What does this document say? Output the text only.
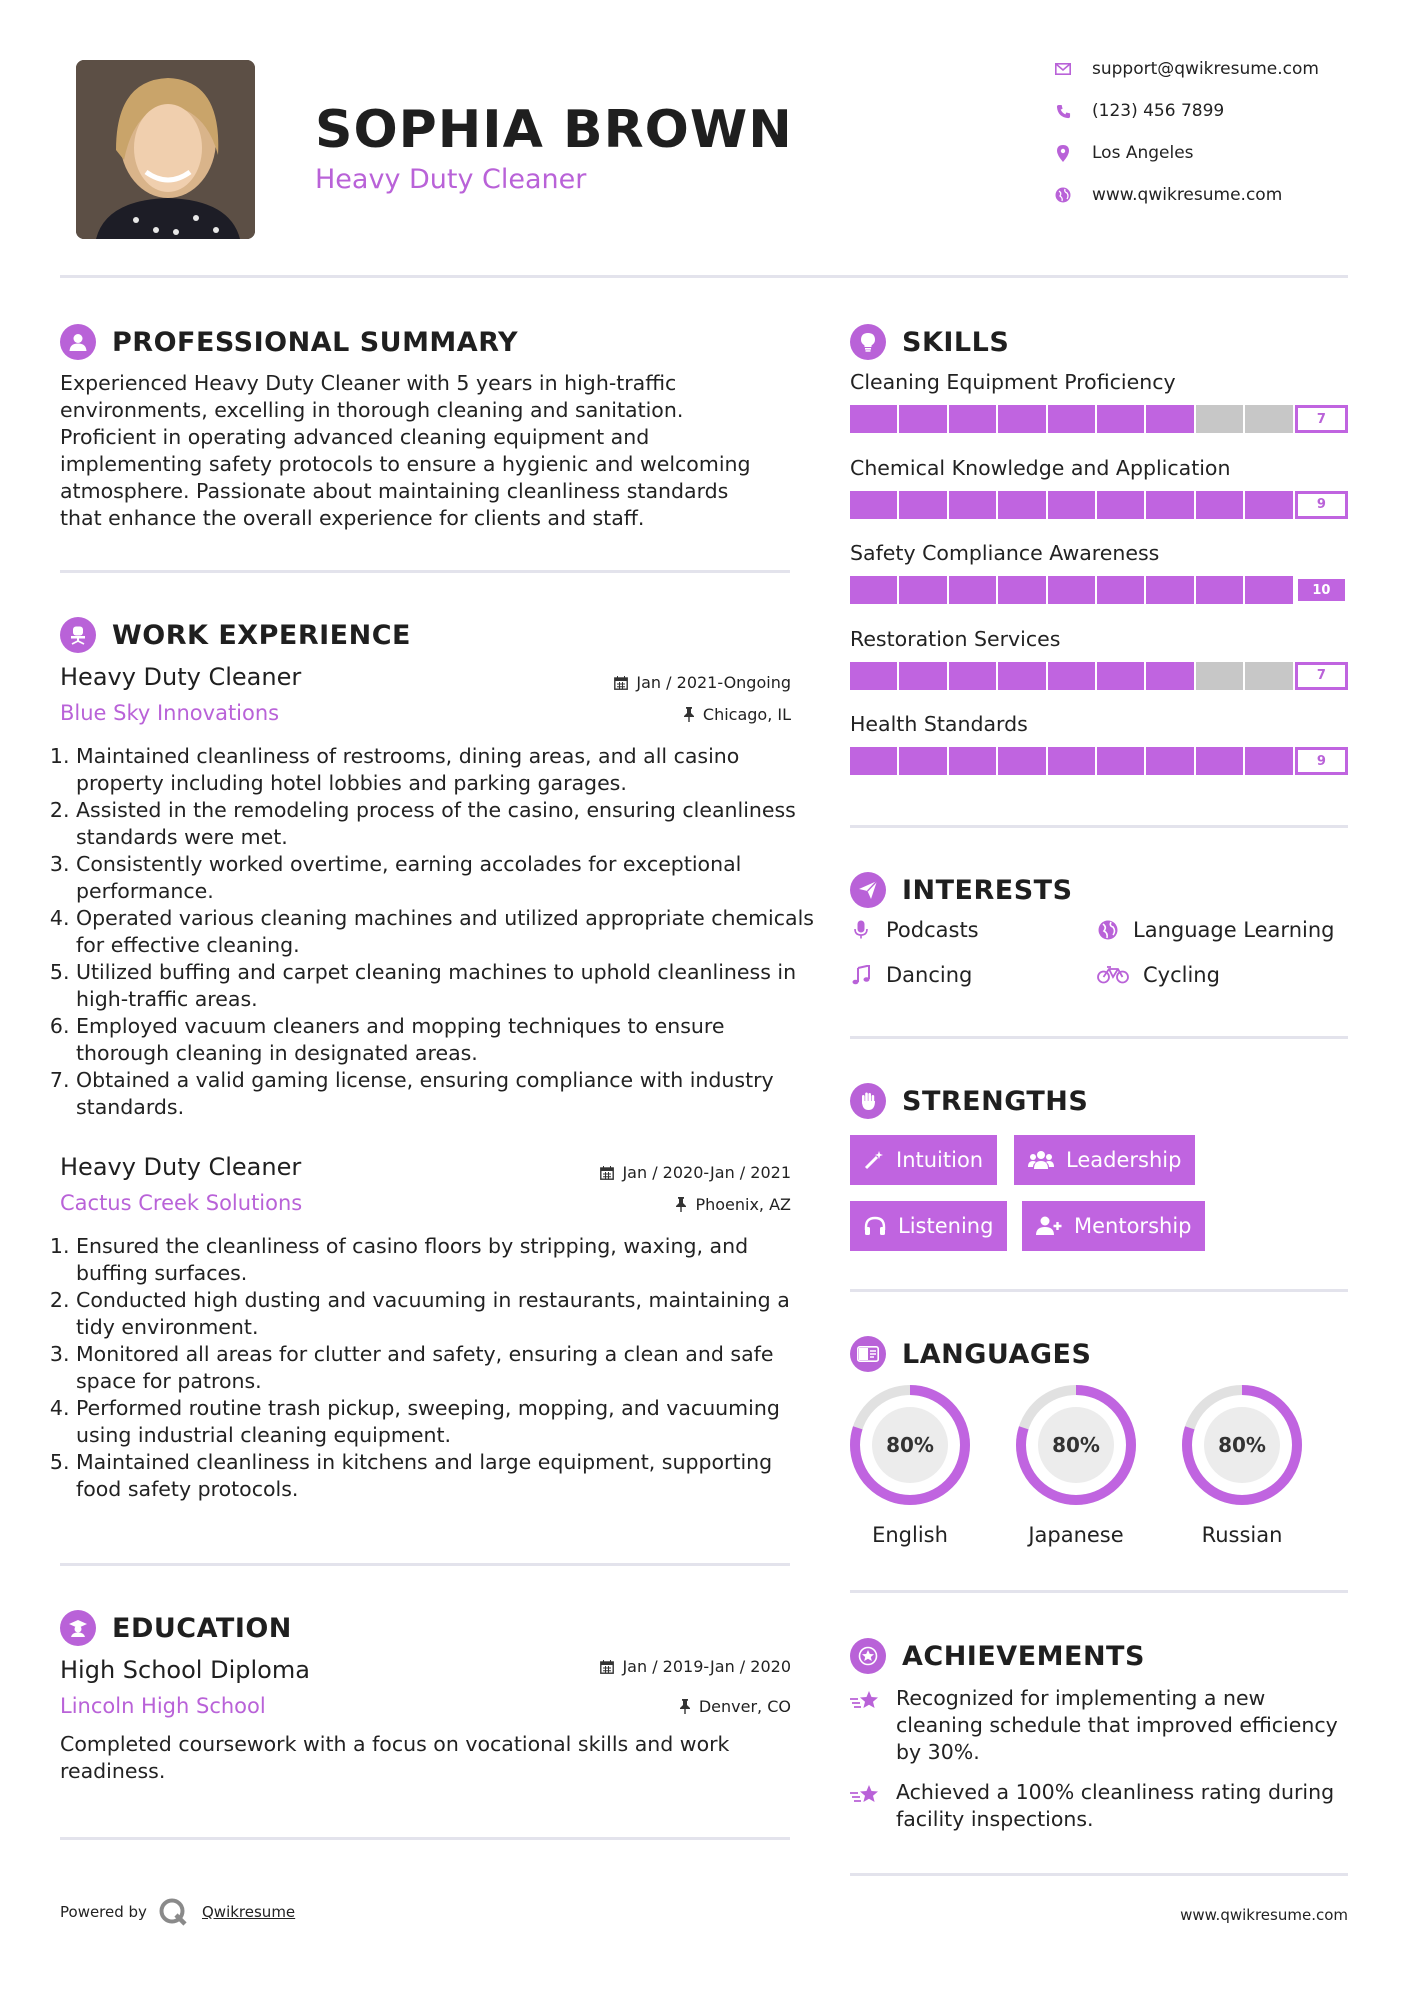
SOPHIA BROWN
Heavy Duty Cleaner
support@qwikresume.com
(123) 456 7899
Los Angeles
www.qwikresume.com
PROFESSIONAL SUMMARY
Experienced Heavy Duty Cleaner with 5 years in high-traffic
environments, excelling in thorough cleaning and sanitation.
Proficient in operating advanced cleaning equipment and
implementing safety protocols to ensure a hygienic and welcoming
atmosphere. Passionate about maintaining cleanliness standards
that enhance the overall experience for clients and staff.
WORK EXPERIENCE
Heavy Duty Cleaner
Blue Sky Innovations
Jan / 2021-Ongoing
Chicago, IL
1. Maintained cleanliness of restrooms, dining areas, and all casino property including hotel lobbies and parking garages.
2. Assisted in the remodeling process of the casino, ensuring cleanliness standards were met.
3. Consistently worked overtime, earning accolades for exceptional performance.
4. Operated various cleaning machines and utilized appropriate chemicals for effective cleaning.
5. Utilized buffing and carpet cleaning machines to uphold cleanliness in high-traffic areas.
6. Employed vacuum cleaners and mopping techniques to ensure thorough cleaning in designated areas.
7. Obtained a valid gaming license, ensuring compliance with industry standards.
Heavy Duty Cleaner
Cactus Creek Solutions
Jan / 2020-Jan / 2021
Phoenix, AZ
1. Ensured the cleanliness of casino floors by stripping, waxing, and buffing surfaces.
2. Conducted high dusting and vacuuming in restaurants, maintaining a tidy environment.
3. Monitored all areas for clutter and safety, ensuring a clean and safe space for patrons.
4. Performed routine trash pickup, sweeping, mopping, and vacuuming using industrial cleaning equipment.
5. Maintained cleanliness in kitchens and large equipment, supporting food safety protocols.
EDUCATION
High School Diploma
Lincoln High School
Jan / 2019-Jan / 2020
Denver, CO
Completed coursework with a focus on vocational skills and work
readiness.
SKILLS
Cleaning Equipment Proficiency
7
Chemical Knowledge and Application
9
Safety Compliance Awareness
10
Restoration Services
7
Health Standards
9
INTERESTS
Podcasts	Language Learning
Dancing	Cycling
STRENGTHS
Intuition	Leadership
Listening	Mentorship
LANGUAGES
80%
English
80%
Japanese
80%
Russian
ACHIEVEMENTS
Recognized for implementing a new
cleaning schedule that improved efficiency
by 30%.
Achieved a 100% cleanliness rating during
facility inspections.
Powered by	Qwikresume	www.qwikresume.com
